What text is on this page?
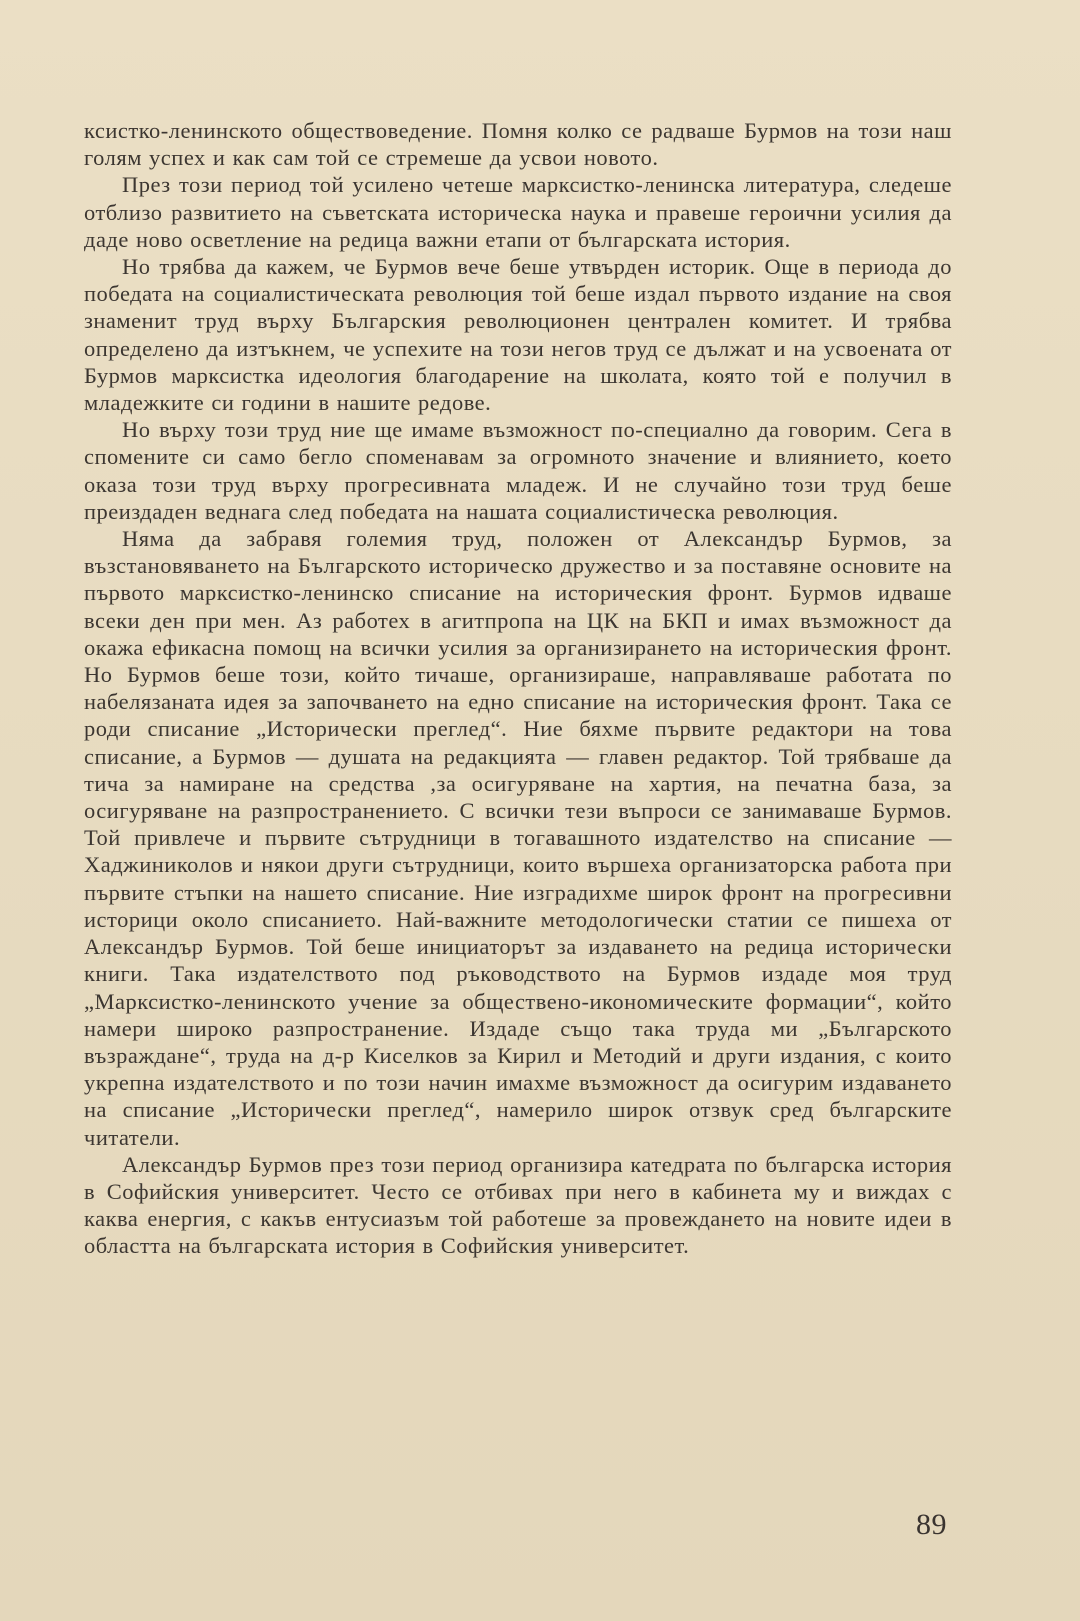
ксистко-ленинското обществоведение. Помня колко се радваше Бурмов на този наш голям успех и как сам той се стремеше да усвои новото.

През този период той усилено четеше марксистко-ленинска литература, следеше отблизо развитието на съветската историческа наука и правеше героични усилия да даде ново осветление на редица важни етапи от българската история.

Но трябва да кажем, че Бурмов вече беше утвърден историк. Още в периода до победата на социалистическата революция той беше издал първото издание на своя знаменит труд върху Българския революционен централен комитет. И трябва определено да изтъкнем, че успехите на този негов труд се дължат и на усвоената от Бурмов марксистка идеология благодарение на школата, която той е получил в младежките си години в нашите редове.

Но върху този труд ние ще имаме възможност по-специално да говорим. Сега в спомените си само бегло споменавам за огромното значение и влиянието, което оказа този труд върху прогресивната младеж. И не случайно този труд беше преиздаден веднага след победата на нашата социалистическа революция.

Няма да забравя големия труд, положен от Александър Бурмов, за възстановяването на Българското историческо дружество и за поставяне основите на първото марксистко-ленинско списание на историческия фронт. Бурмов идваше всеки ден при мен. Аз работех в агитпропа на ЦК на БКП и имах възможност да окажа ефикасна помощ на всички усилия за организирането на историческия фронт. Но Бурмов беше този, който тичаше, организираше, направляваше работата по набелязаната идея за започването на едно списание на историческия фронт. Така се роди списание „Исторически преглед“. Ние бяхме първите редактори на това списание, а Бурмов — душата на редакцията — главен редактор. Той трябваше да тича за намиране на средства ,за осигуряване на хартия, на печатна база, за осигуряване на разпространението. С всички тези въпроси се занимаваше Бурмов. Той привлече и първите сътрудници в тогавашното издателство на списание — Хаджиниколов и някои други сътрудници, които вършеха организаторска работа при първите стъпки на нашето списание. Ние изградихме широк фронт на прогресивни историци около списанието. Най-важните методологически статии се пишеха от Александър Бурмов. Той беше инициаторът за издаването на редица исторически книги. Така издателството под ръководството на Бурмов издаде моя труд „Марксистко-ленинското учение за обществено-икономическите формации“, който намери широко разпространение. Издаде също така труда ми „Българското възраждане“, труда на д-р Киселков за Кирил и Методий и други издания, с които укрепна издателството и по този начин имахме възможност да осигурим издаването на списание „Исторически преглед“, намерило широк отзвук сред българските читатели.

Александър Бурмов през този период организира катедрата по българска история в Софийския университет. Често се отбивах при него в кабинета му и виждах с каква енергия, с какъв ентусиазъм той работеше за провеждането на новите идеи в областта на българската история в Софийския университет.

89
